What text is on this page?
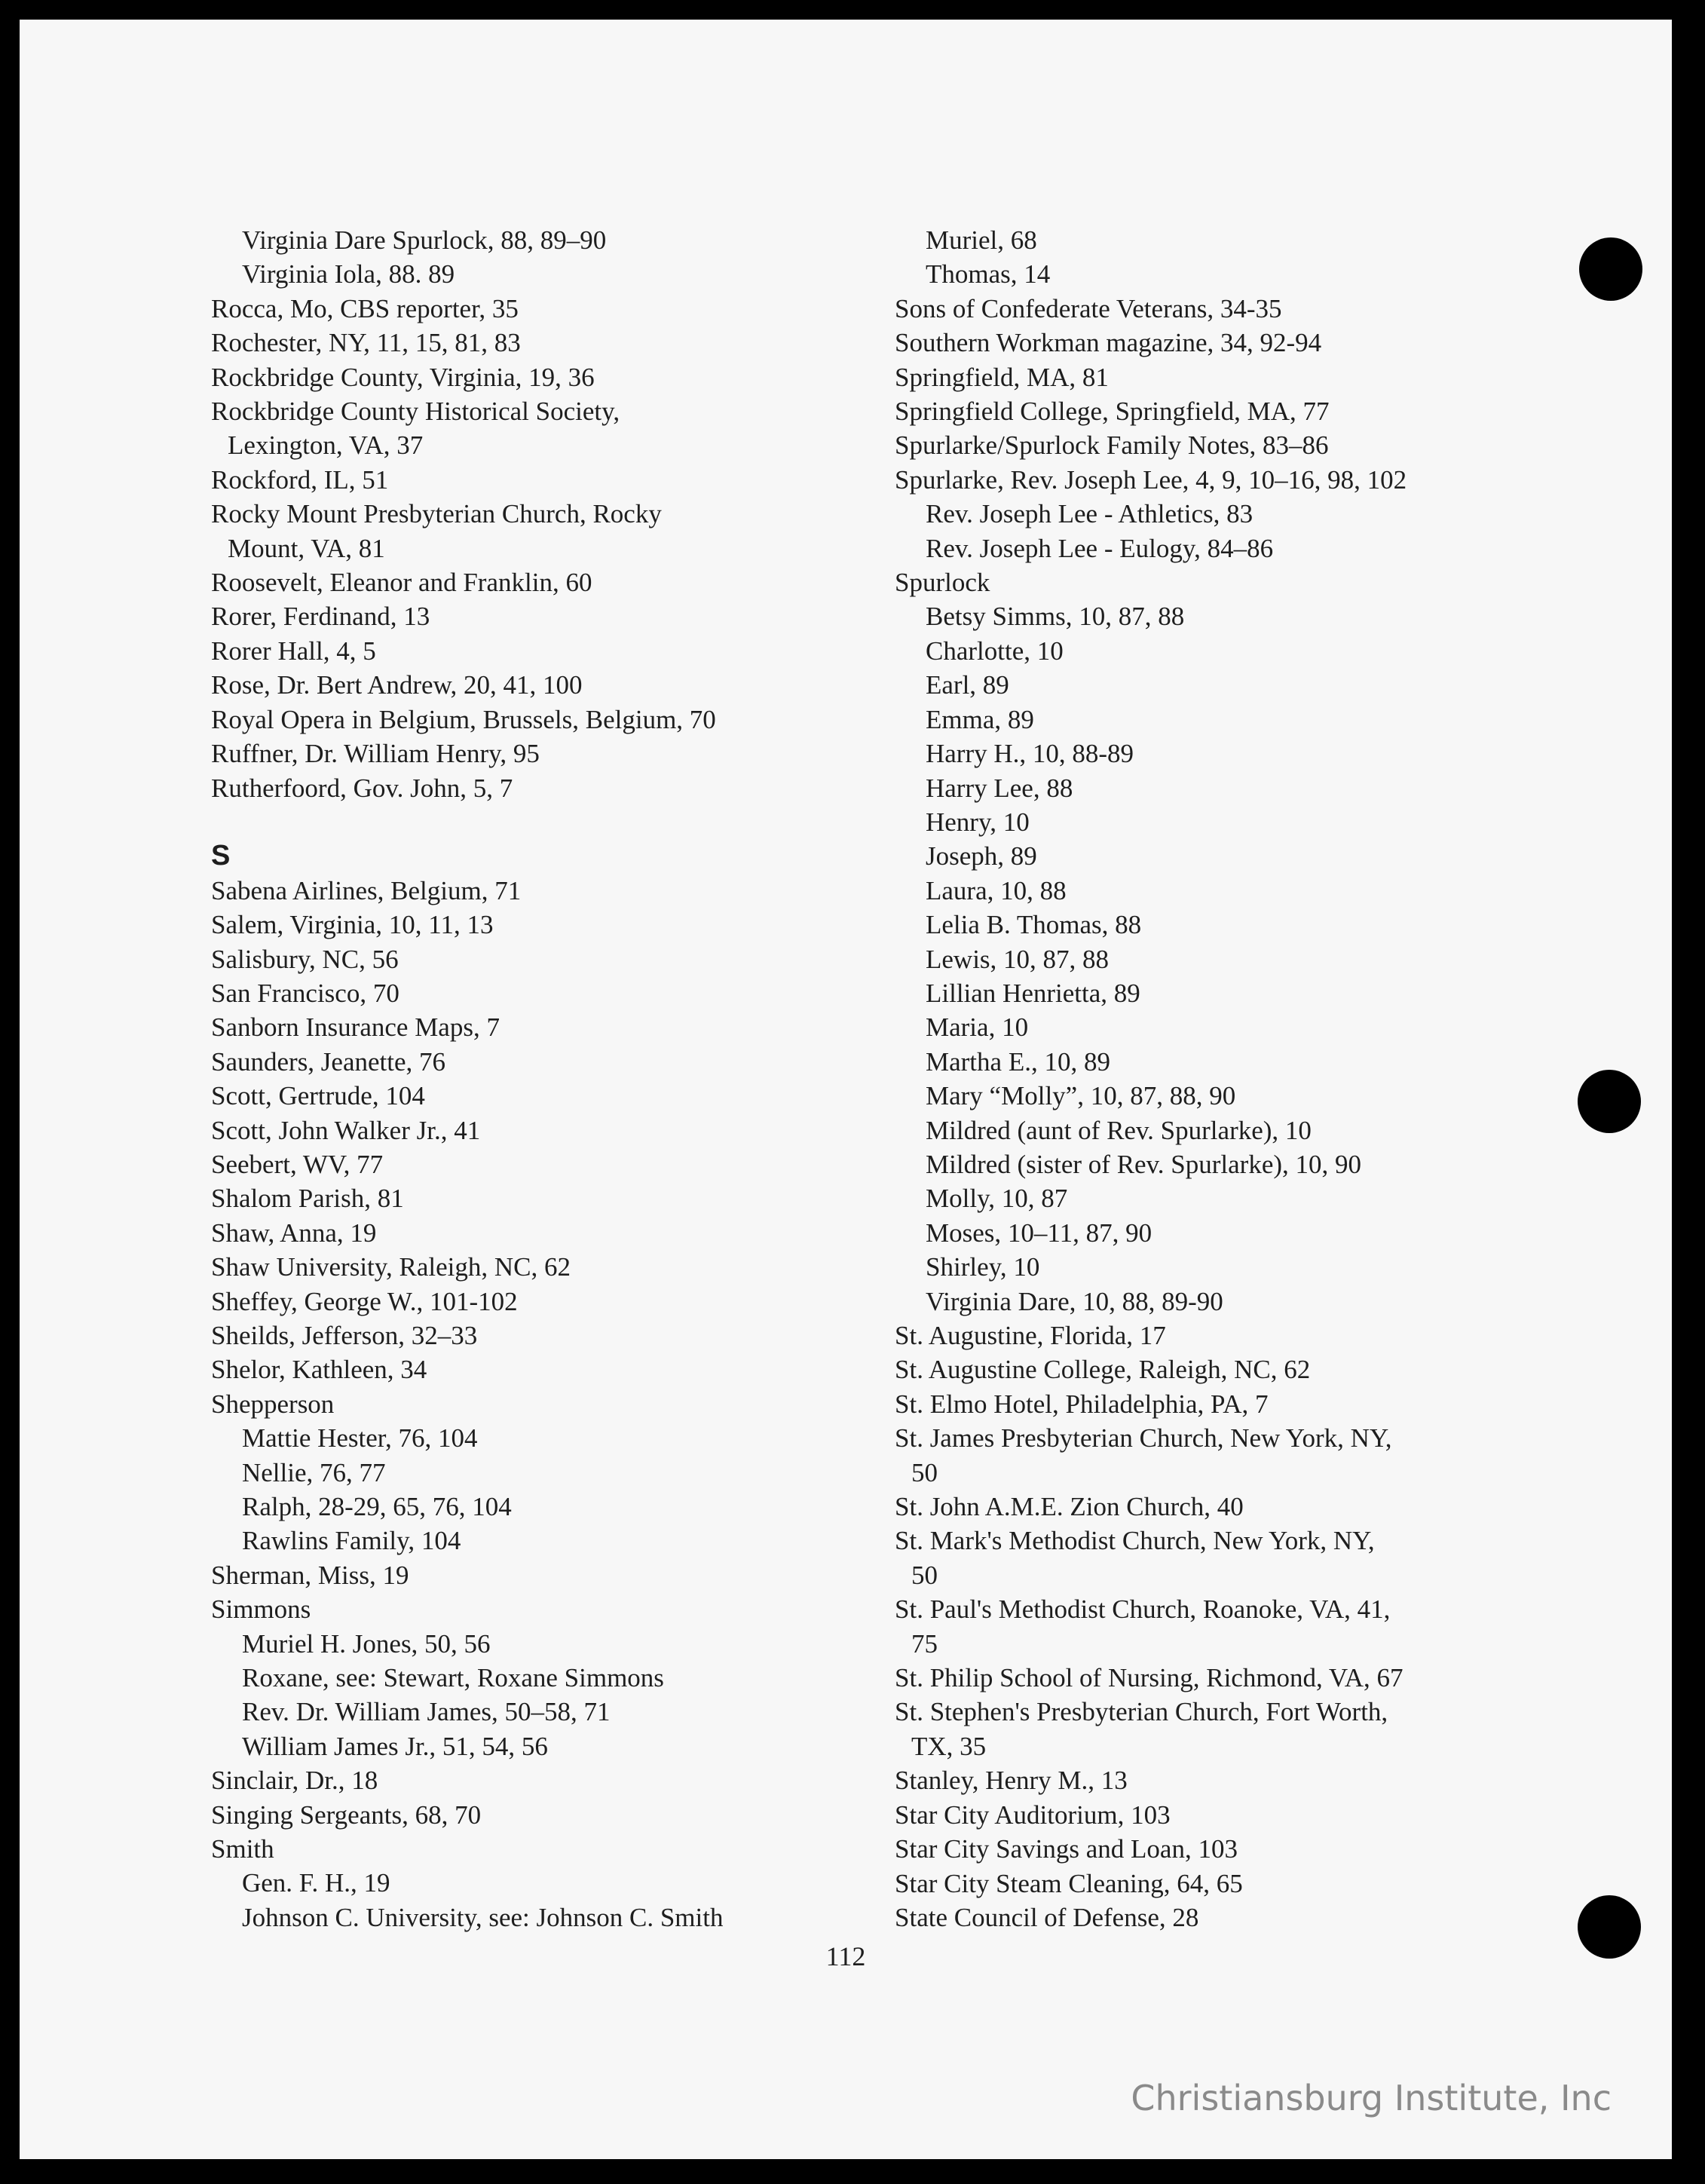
Virginia Dare Spurlock, 88, 89–90
Virginia Iola, 88. 89
Rocca, Mo, CBS reporter, 35
Rochester, NY, 11, 15, 81, 83
Rockbridge County, Virginia, 19, 36
Rockbridge County Historical Society,
Lexington, VA, 37
Rockford, IL, 51
Rocky Mount Presbyterian Church, Rocky
Mount, VA, 81
Roosevelt, Eleanor and Franklin, 60
Rorer, Ferdinand, 13
Rorer Hall, 4, 5
Rose, Dr. Bert Andrew, 20, 41, 100
Royal Opera in Belgium, Brussels, Belgium, 70
Ruffner, Dr. William Henry, 95
Rutherfoord, Gov. John, 5, 7
S
Sabena Airlines, Belgium, 71
Salem, Virginia, 10, 11, 13
Salisbury, NC, 56
San Francisco, 70
Sanborn Insurance Maps, 7
Saunders, Jeanette, 76
Scott, Gertrude, 104
Scott, John Walker Jr., 41
Seebert, WV, 77
Shalom Parish, 81
Shaw, Anna, 19
Shaw University, Raleigh, NC, 62
Sheffey, George W., 101-102
Sheilds, Jefferson, 32–33
Shelor, Kathleen, 34
Shepperson
Mattie Hester, 76, 104
Nellie, 76, 77
Ralph, 28-29, 65, 76, 104
Rawlins Family, 104
Sherman, Miss, 19
Simmons
Muriel H. Jones, 50, 56
Roxane, see: Stewart, Roxane Simmons
Rev. Dr. William James, 50–58, 71
William James Jr., 51, 54, 56
Sinclair, Dr., 18
Singing Sergeants, 68, 70
Smith
Gen. F. H., 19
Johnson C. University, see: Johnson C. Smith
Muriel, 68
Thomas, 14
Sons of Confederate Veterans, 34-35
Southern Workman magazine, 34, 92-94
Springfield, MA, 81
Springfield College, Springfield, MA, 77
Spurlarke/Spurlock Family Notes, 83–86
Spurlarke, Rev. Joseph Lee, 4, 9, 10–16, 98, 102
Rev. Joseph Lee - Athletics, 83
Rev. Joseph Lee - Eulogy, 84–86
Spurlock
Betsy Simms, 10, 87, 88
Charlotte, 10
Earl, 89
Emma, 89
Harry H., 10, 88-89
Harry Lee, 88
Henry, 10
Joseph, 89
Laura, 10, 88
Lelia B. Thomas, 88
Lewis, 10, 87, 88
Lillian Henrietta, 89
Maria, 10
Martha E., 10, 89
Mary “Molly”, 10, 87, 88, 90
Mildred (aunt of Rev. Spurlarke), 10
Mildred (sister of Rev. Spurlarke), 10, 90
Molly, 10, 87
Moses, 10–11, 87, 90
Shirley, 10
Virginia Dare, 10, 88, 89-90
St. Augustine, Florida, 17
St. Augustine College, Raleigh, NC, 62
St. Elmo Hotel, Philadelphia, PA, 7
St. James Presbyterian Church, New York, NY,
50
St. John A.M.E. Zion Church, 40
St. Mark's Methodist Church, New York, NY,
50
St. Paul's Methodist Church, Roanoke, VA, 41,
75
St. Philip School of Nursing, Richmond, VA, 67
St. Stephen's Presbyterian Church, Fort Worth,
TX, 35
Stanley, Henry M., 13
Star City Auditorium, 103
Star City Savings and Loan, 103
Star City Steam Cleaning, 64, 65
State Council of Defense, 28
112
Christiansburg Institute, Inc
